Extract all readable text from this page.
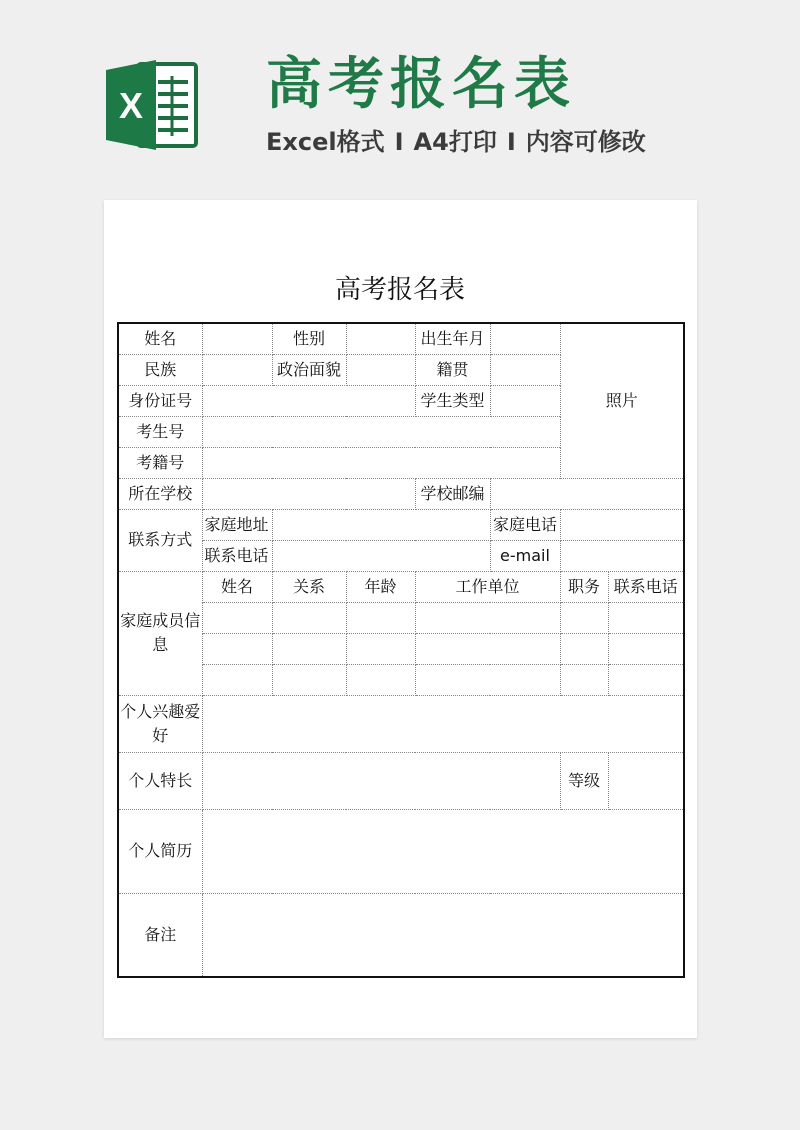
X 高考报名表
Excel格式 I A4打印 I 内容可修改
高考报名表
姓名		性别		出生年月		照片	
民族		政治面貌		籍贯			
身份证号				学生类型			
考生号							
考籍号							
所在学校				学校邮编			
联系方式	家庭地址				家庭电话		
	联系电话				e-mail		
家庭成员信息	姓名	关系	年龄	工作单位		职务	联系电话

个人兴趣爱好							
个人特长						等级	
个人简历							
备注							
